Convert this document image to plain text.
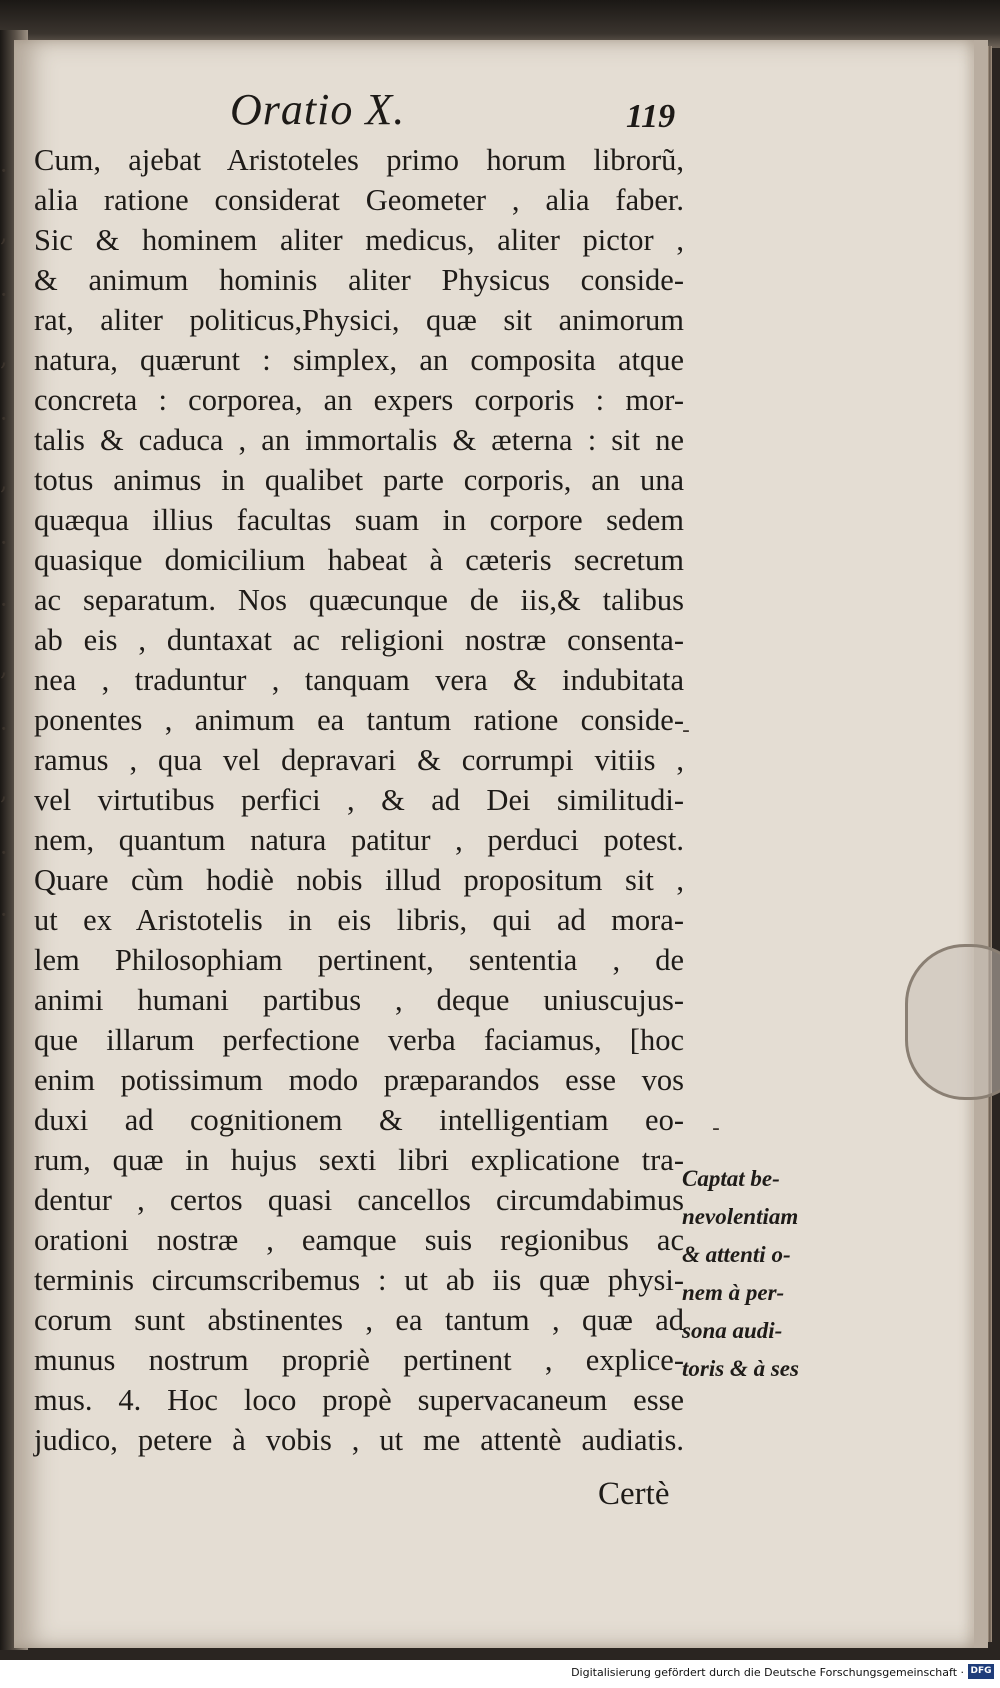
·
,
·
,
·
,
·
·
,
·
,
·
·
Oratio X.	119
Cum, ajebat Aristoteles primo horum librorũ,
alia ratione considerat Geometer , alia faber.
Sic & hominem aliter medicus, aliter pictor ,
& animum hominis aliter Physicus conside-
rat, aliter politicus,Physici, quæ sit animorum
natura, quærunt : simplex, an composita atque
concreta : corporea, an expers corporis : mor-
talis & caduca , an immortalis & æterna : sit ne
totus animus in qualibet parte corporis, an una
quæqua illius facultas suam in corpore sedem
quasique domicilium habeat à cæteris secretum
ac separatum. Nos quæcunque de iis,& talibus
ab eis , duntaxat ac religioni nostræ consenta-
nea , traduntur , tanquam vera & indubitata
ponentes , animum ea tantum ratione conside-
ramus , qua vel depravari & corrumpi vitiis ,
vel virtutibus perfici , & ad Dei similitudi-
nem, quantum natura patitur , perduci potest.
Quare cùm hodiè nobis illud propositum sit ,
ut ex Aristotelis in eis libris, qui ad mora-
lem Philosophiam pertinent, sententia , de
animi humani partibus , deque uniuscujus-
que illarum perfectione verba faciamus, [hoc
enim potissimum modo præparandos esse vos
duxi ad cognitionem & intelligentiam eo-
rum, quæ in hujus sexti libri explicatione tra-
dentur , certos quasi cancellos circumdabimus
orationi nostræ , eamque suis regionibus ac
terminis circumscribemus : ut ab iis quæ physi-
corum sunt abstinentes , ea tantum , quæ ad
munus nostrum propriè pertinent , explice-
mus. 4. Hoc loco propè supervacaneum esse
judico, petere à vobis , ut me attentè audiatis.
-
-
Captat be-
nevolentiam
& attenti o-
nem à per-
sona audi-
toris & à ses
Certè
Digitalisierung gefördert durch die Deutsche Forschungsgemeinschaft · DFG
